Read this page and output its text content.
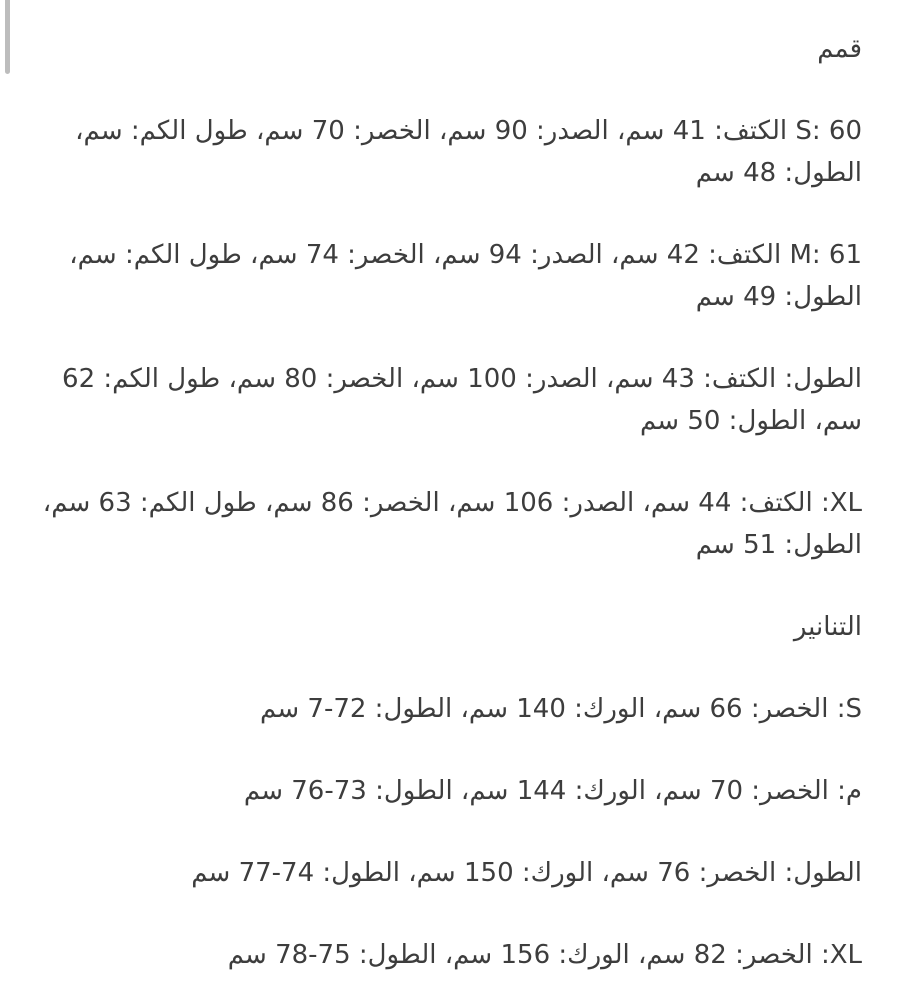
قمم

S: 60 الكتف: 41 سم، الصدر: 90 سم، الخصر: 70 سم، طول الكم: سم، الطول: 48 سم

M: 61 الكتف: 42 سم، الصدر: 94 سم، الخصر: 74 سم، طول الكم: سم، الطول: 49 سم

الطول: الكتف: 43 سم، الصدر: 100 سم، الخصر: 80 سم، طول الكم: 62 سم، الطول: 50 سم

XL: الكتف: 44 سم، الصدر: 106 سم، الخصر: 86 سم، طول الكم: 63 سم، الطول: 51 سم

التنانير

S: الخصر: 66 سم، الورك: 140 سم، الطول: 72-7 سم

م: الخصر: 70 سم، الورك: 144 سم، الطول: 73-76 سم

الطول: الخصر: 76 سم، الورك: 150 سم، الطول: 74-77 سم

XL: الخصر: 82 سم، الورك: 156 سم، الطول: 75-78 سم
